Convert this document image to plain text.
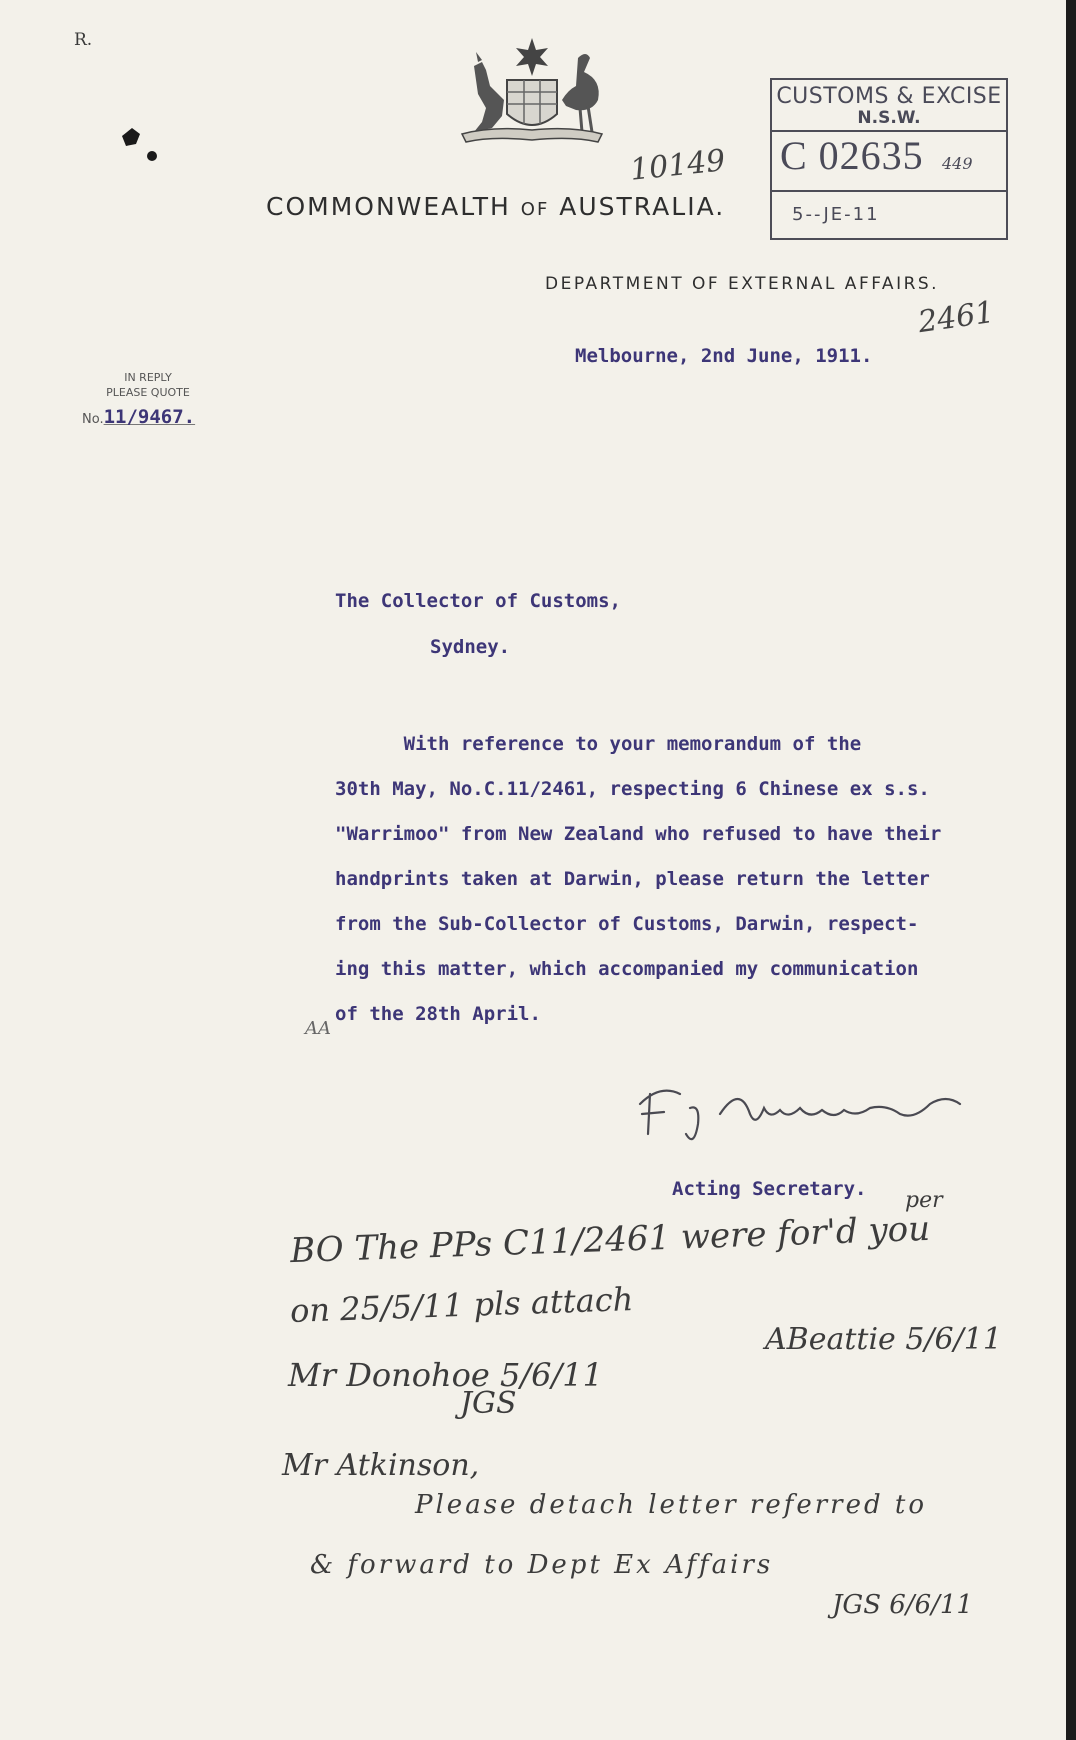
R.
CUSTOMS & EXCISE
N.S.W.
C 02635 449
5--JE-11
10149
COMMONWEALTH OF AUSTRALIA.
DEPARTMENT OF EXTERNAL AFFAIRS.
2461
Melbourne, 2nd June, 1911.
IN REPLY
PLEASE QUOTE
No.11/9467.
The Collector of Customs,
Sydney.
With reference to your memorandum of the
30th May, No.C.11/2461, respecting 6 Chinese ex s.s.
"Warrimoo" from New Zealand who refused to have their
handprints taken at Darwin, please return the letter
from the Sub-Collector of Customs, Darwin, respect-
ing this matter, which accompanied my communication
of the 28th April.
AA
Acting Secretary. per
BO The PPs C11/2461 were for'd you
on 25/5/11 pls attach
ABeattie 5/6/11
Mr Donohoe 5/6/11
JGS
Mr Atkinson,
Please detach letter referred to
& forward to Dept Ex Affairs
JGS 6/6/11
